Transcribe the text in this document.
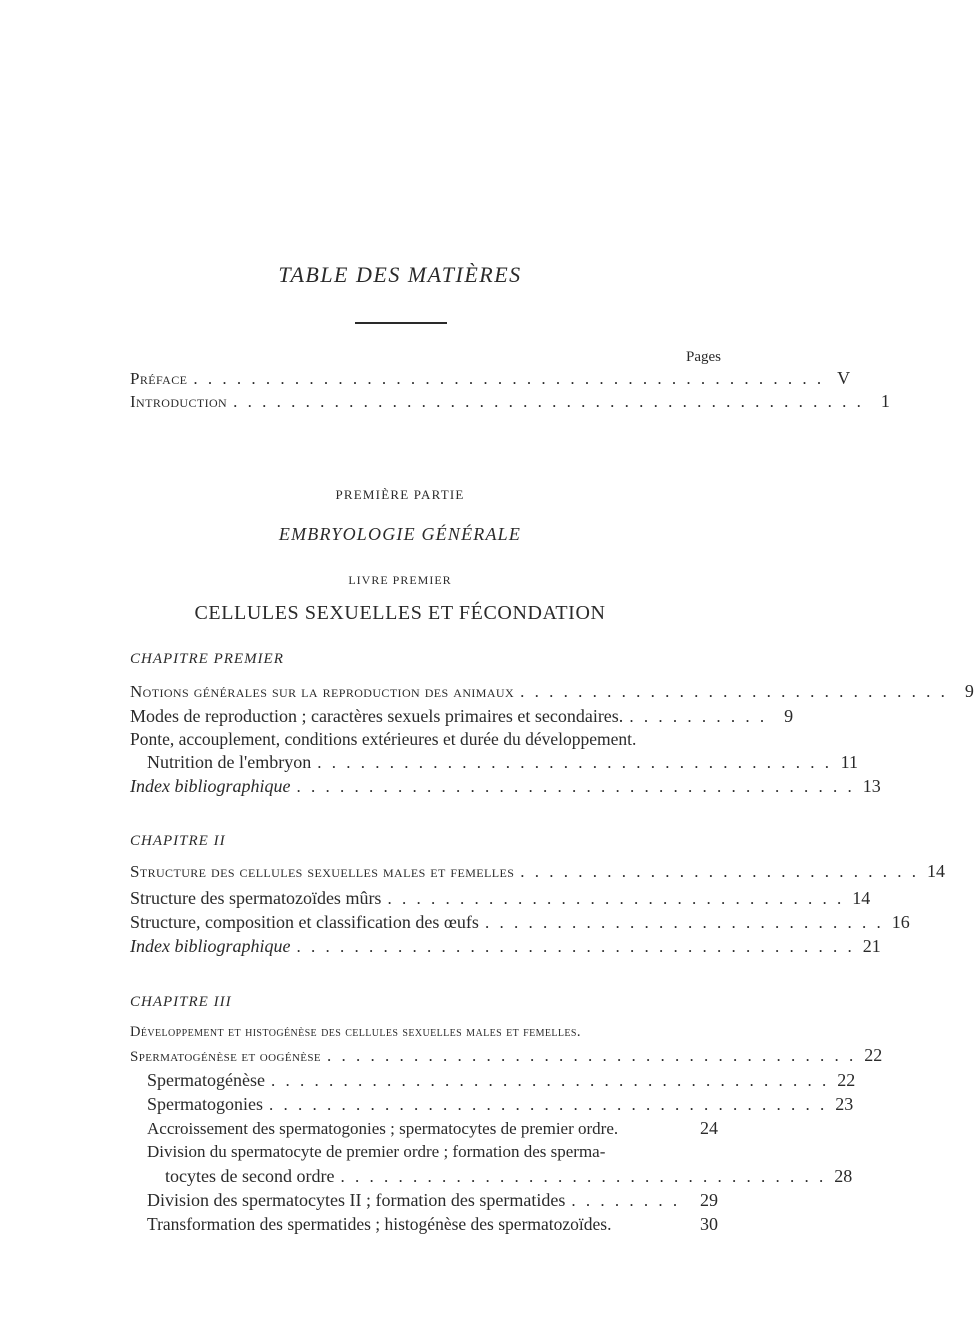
TABLE DES MATIÈRES
Pages
Préface . . . . . . . . . . . . . . . . . . . . . . . . . . . . . . . . . . . . . . . . . . . . V
Introduction . . . . . . . . . . . . . . . . . . . . . . . . . . . . . . . . . . . . . . . . . . . . 1
PREMIÈRE PARTIE
EMBRYOLOGIE GÉNÉRALE
LIVRE PREMIER
CELLULES SEXUELLES ET FÉCONDATION
CHAPITRE PREMIER
Notions générales sur la reproduction des animaux . . . . . . . . . . . . . . . . . . . . . . . . . . . . . . 9
Modes de reproduction ; caractères sexuels primaires et secondaires. . . . . . . . . . . 9
Ponte, accouplement, conditions extérieures et durée du développement.
Nutrition de l'embryon . . . . . . . . . . . . . . . . . . . . . . . . . . . . . . . . . . . . 11
Index bibliographique . . . . . . . . . . . . . . . . . . . . . . . . . . . . . . . . . . . . . . . 13
CHAPITRE II
Structure des cellules sexuelles males et femelles . . . . . . . . . . . . . . . . . . . . . . . . . . . . 14
Structure des spermatozoïdes mûrs . . . . . . . . . . . . . . . . . . . . . . . . . . . . . . . . 14
Structure, composition et classification des œufs . . . . . . . . . . . . . . . . . . . . . . . . . . . . 16
Index bibliographique . . . . . . . . . . . . . . . . . . . . . . . . . . . . . . . . . . . . . . . 21
CHAPITRE III
Développement et histogénèse des cellules sexuelles males et femelles.
Spermatogénèse et oogénèse . . . . . . . . . . . . . . . . . . . . . . . . . . . . . . . . . . . . . 22
Spermatogénèse . . . . . . . . . . . . . . . . . . . . . . . . . . . . . . . . . . . . . . . 22
Spermatogonies . . . . . . . . . . . . . . . . . . . . . . . . . . . . . . . . . . . . . . . 23
Accroissement des spermatogonies ; spermatocytes de premier ordre.	24
Division du spermatocyte de premier ordre ; formation des sperma-
tocytes de second ordre . . . . . . . . . . . . . . . . . . . . . . . . . . . . . . . . . . 28
Division des spermatocytes II ; formation des spermatides . . . . . . . .	29
Transformation des spermatides ; histogénèse des spermatozoïdes.	30
